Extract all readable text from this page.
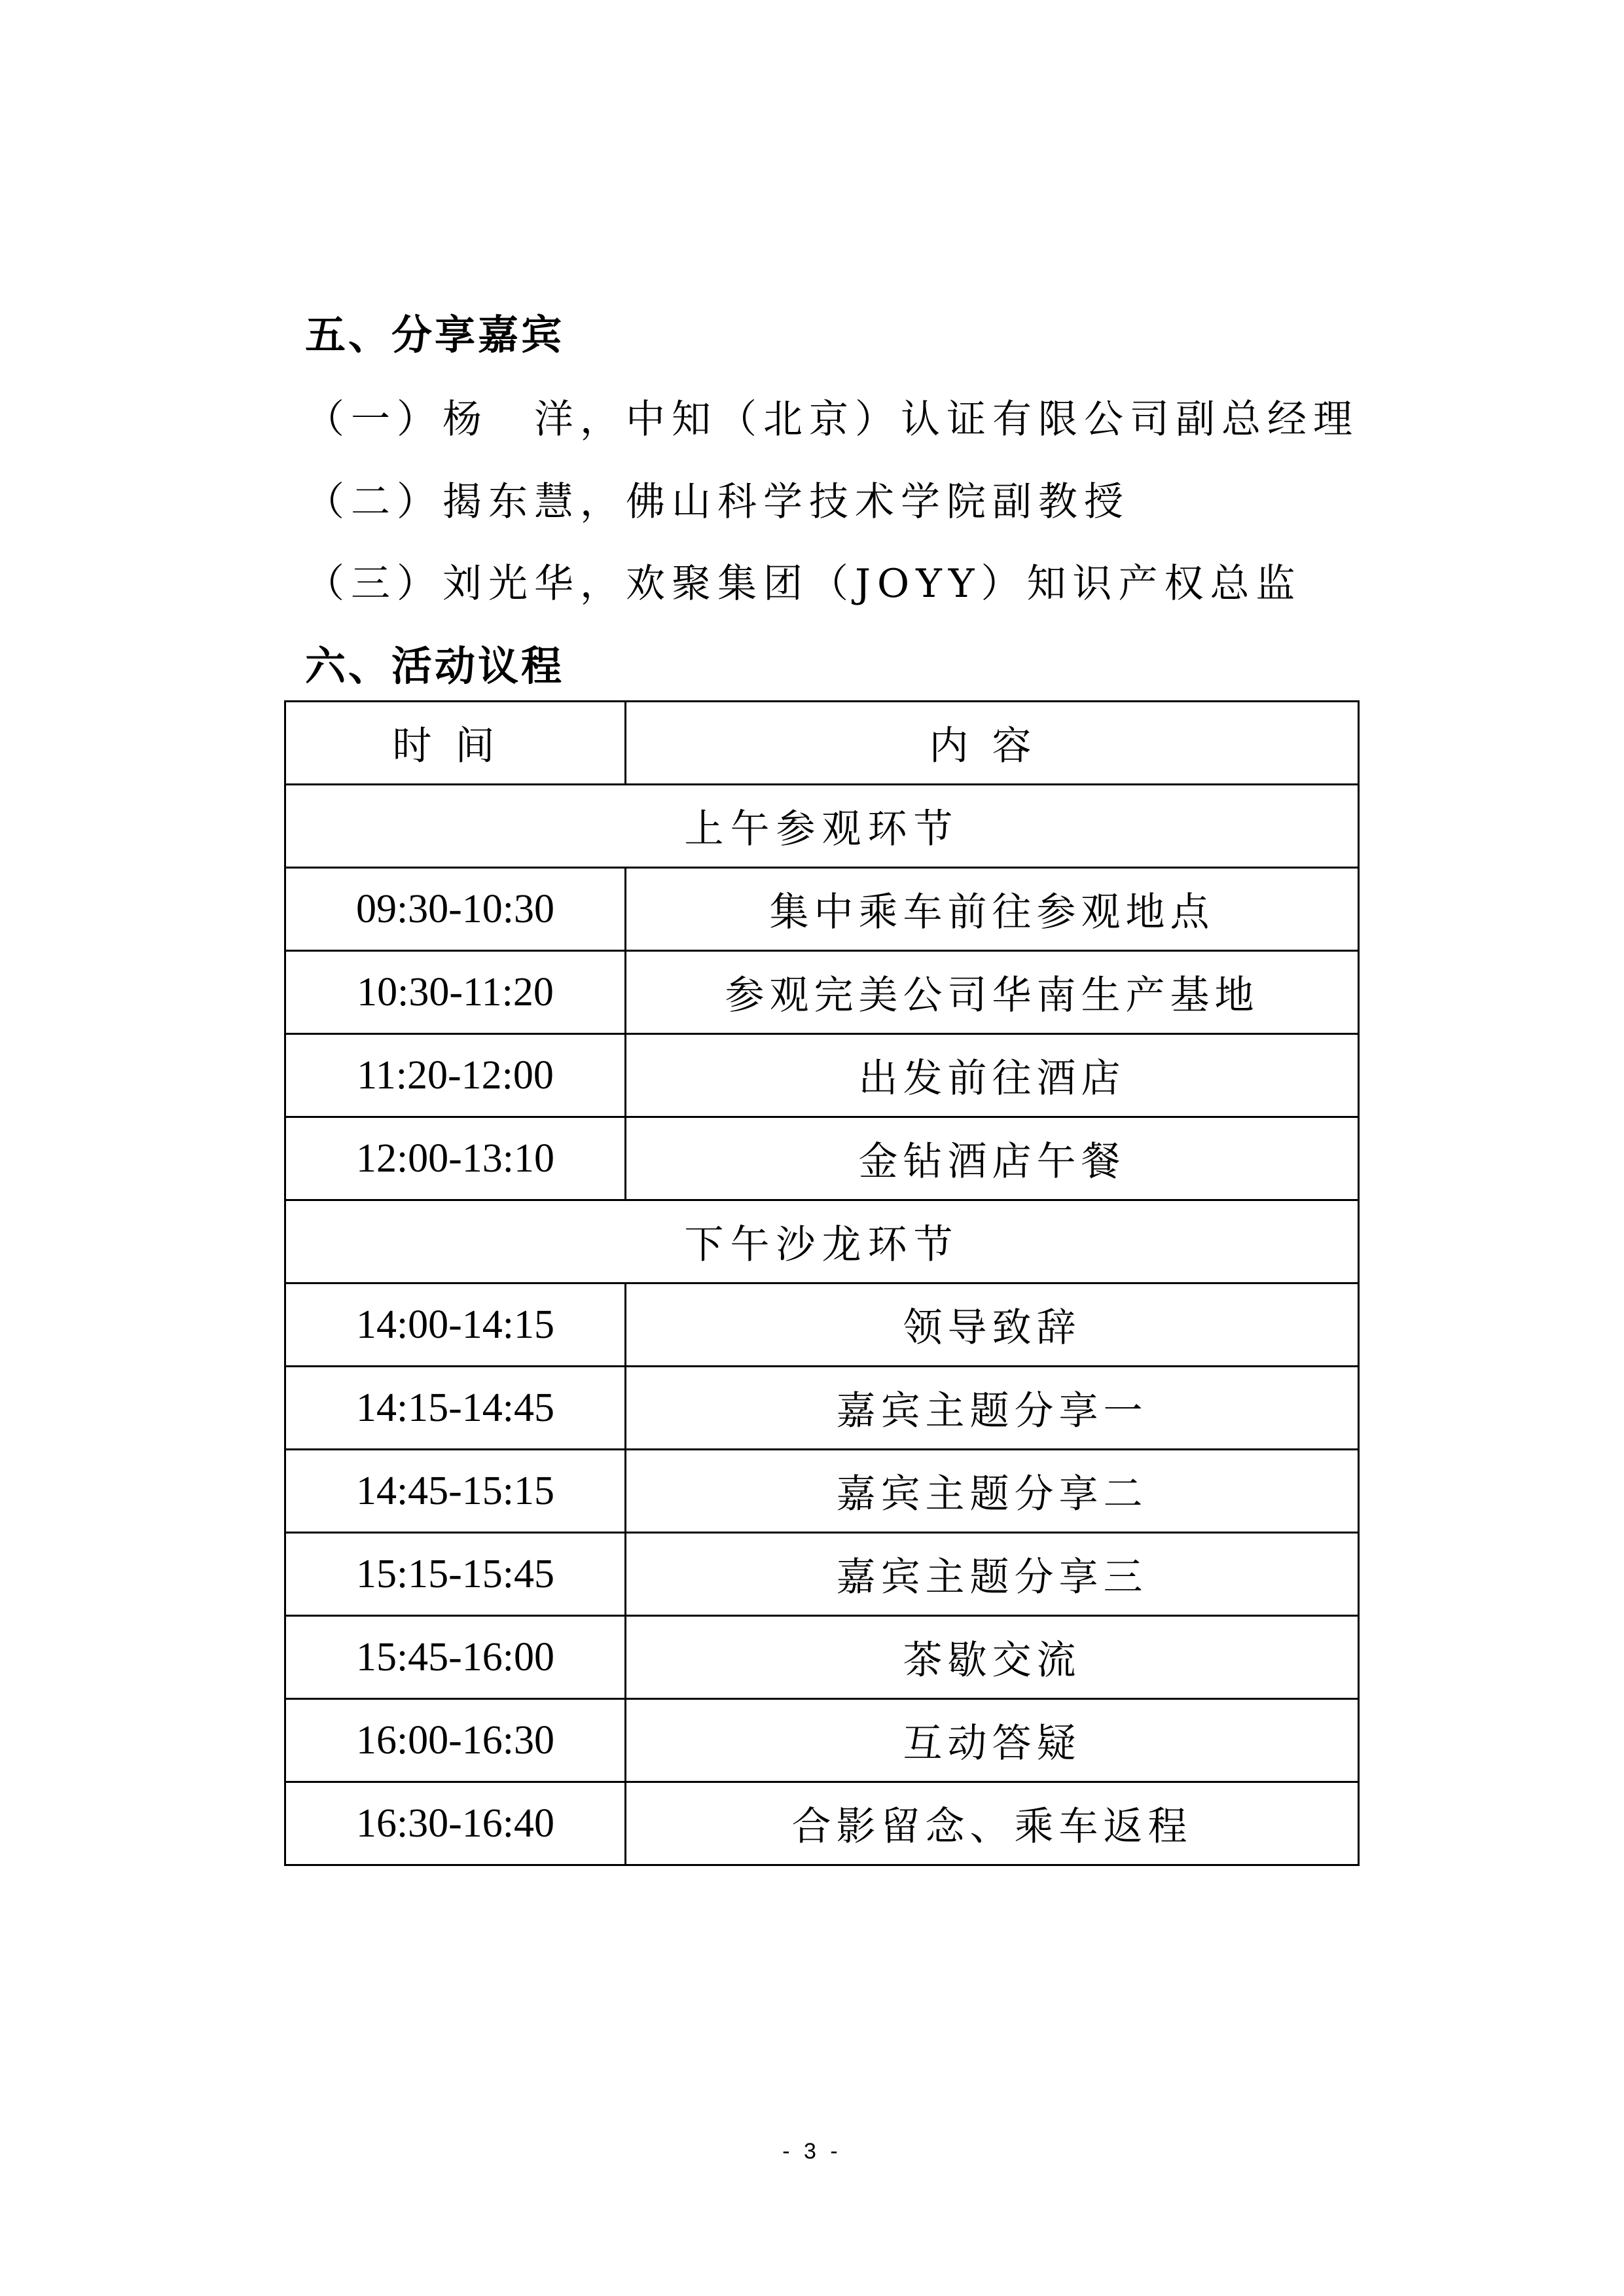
五、分享嘉宾
（一）杨　洋，中知（北京）认证有限公司副总经理
（二）揭东慧，佛山科学技术学院副教授
（三）刘光华，欢聚集团（JOYY）知识产权总监
六、活动议程
时间	内容
上午参观环节	
09:30-10:30	集中乘车前往参观地点
10:30-11:20	参观完美公司华南生产基地
11:20-12:00	出发前往酒店
12:00-13:10	金钻酒店午餐
下午沙龙环节	
14:00-14:15	领导致辞
14:15-14:45	嘉宾主题分享一
14:45-15:15	嘉宾主题分享二
15:15-15:45	嘉宾主题分享三
15:45-16:00	茶歇交流
16:00-16:30	互动答疑
16:30-16:40	合影留念、乘车返程
- 3 -
